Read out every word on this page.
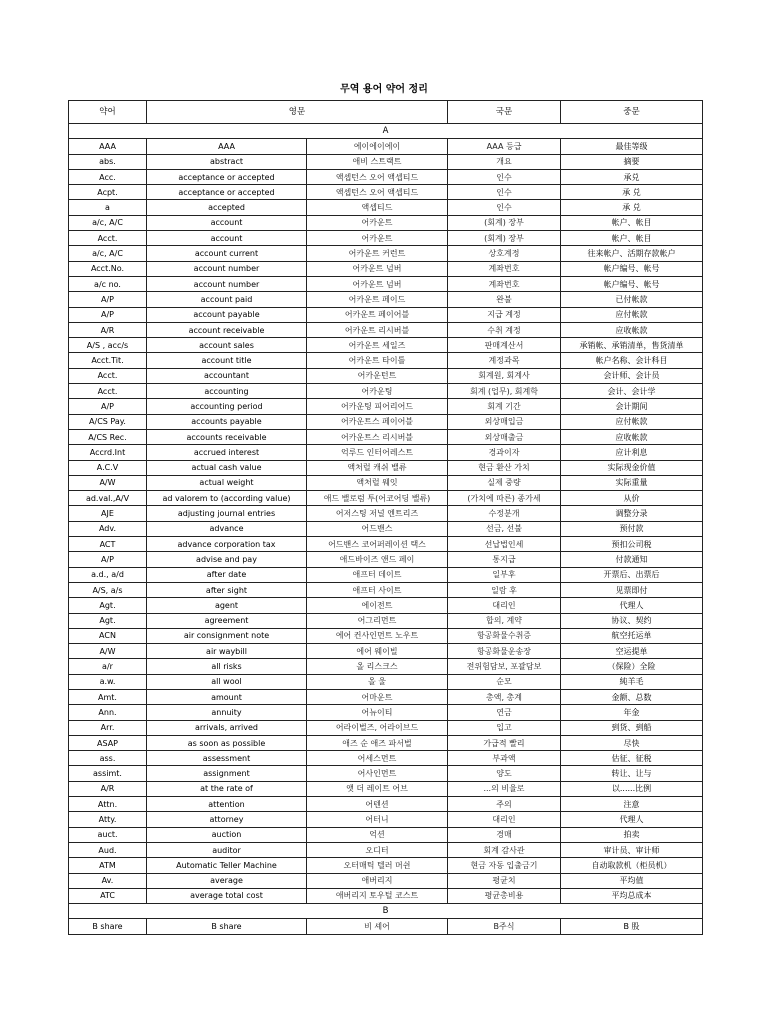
무역 용어 약어 정리
약어	영문		국문	중문
A				
AAA	AAA	에이에이에이	AAA 등급	最佳等级
abs.	abstract	애비 스트랙트	개요	摘要
Acc.	acceptance or accepted	액셉턴스 오어 액셉티드	인수	承兑
Acpt.	acceptance or accepted	액셉턴스 오어 액셉티드	인수	承 兑
a	accepted	액셉티드	인수	承 兑
a/c, A/C	account	어카운트	(회계) 장부	帐户、帐目
Acct.	account	어카운트	(회계) 장부	帐户、帐目
a/c, A/C	account current	어카운트 커런트	상호계정	往来帐户、活期存款帐户
Acct.No.	account number	어카운트 넘버	계좌번호	帐户编号、帐号
a/c no.	account number	어카운트 넘버	계좌번호	帐户编号、帐号
A/P	account paid	어카운트 페이드	완불	已付帐款
A/P	account payable	어카운트 페이어블	지급 계정	应付帐款
A/R	account receivable	어카운트 리시버블	수취 계정	应收帐款
A/S , acc/s	account sales	어카운트 세일즈	판매계산서	承销帐、承销清单，售货清单
Acct.Tit.	account title	어카운트 타이틀	계정과목	帐户名称、会计科目
Acct.	accountant	어카운턴트	회계원, 회계사	会计师、会计员
Acct.	accounting	어카운팅	회계 (업무), 회계학	会计、会计学
A/P	accounting period	어카운팅 피어리어드	회계 기간	会计期间
A/CS Pay.	accounts payable	어카운트스 페이어블	외상매입금	应付帐款
A/CS Rec.	accounts receivable	어카운트스 리시버블	외상매출금	应收帐款
Accrd.Int	accrued interest	억루드 인터어레스트	경과이자	应计利息
A.C.V	actual cash value	액처럴 캐쉬 밸류	현금 환산 가치	实际现金价值
A/W	actual weight	액처럴 웨잇	실제 중량	实际重量
ad.val.,A/V	ad valorem to (according value)	애드 밸로럼 투(어코어딩 밸류)	(가치에 따른) 종가세	从价
AJE	adjusting journal entries	어저스팅 저널 엔트리즈	수정분개	调整分录
Adv.	advance	어드밴스	선금, 선불	预付款
ACT	advance corporation tax	어드밴스 코어퍼레이션 택스	선납법인세	预扣公司税
A/P	advise and pay	애드바이즈 앤드 페이	통지급	付款通知
a.d., a/d	after date	애프터 데이트	일부후	开票后、出票后
A/S, a/s	after sight	애프터 사이트	일람 후	见票即付
Agt.	agent	에이전트	대리인	代理人
Agt.	agreement	어그리먼트	합의, 계약	协议、契约
ACN	air consignment note	에어 컨사인먼트 노우트	항공화물수취증	航空托运单
A/W	air waybill	에어 웨이빌	항공화물운송장	空运提单
a/r	all risks	올 리스크스	전위험담보, 포괄담보	（保险）全险
a.w.	all wool	올 울	순모	純羊毛
Amt.	amount	어마운트	총액, 총계	金额、总数
Ann.	annuity	어뉴이티	연금	年金
Arr.	arrivals, arrived	어라이벌즈, 어라이브드	입고	到货、到船
ASAP	as soon as possible	애즈 순 애즈 파서벌	가급적 빨리	尽快
ass.	assessment	어세스먼트	부과액	估征、征税
assimt.	assignment	어사인먼트	양도	转让、让与
A/R	at the rate of	앳 더 레이트 어브	...의 비율로	以......比例
Attn.	attention	어텐션	주의	注意
Atty.	attorney	어터니	대리인	代理人
auct.	auction	억션	경매	拍卖
Aud.	auditor	오디터	회계 감사관	审计员、审计师
ATM	Automatic Teller Machine	오터매틱 텔러 머쉰	현금 자동 입출금기	自动取款机（柜员机）
Av.	average	애버리지	평균치	平均值
ATC	average total cost	애버리지 토우털 코스트	평균총비용	平均总成本
B				
B share	B share	비 셰어	B주식	B 股
